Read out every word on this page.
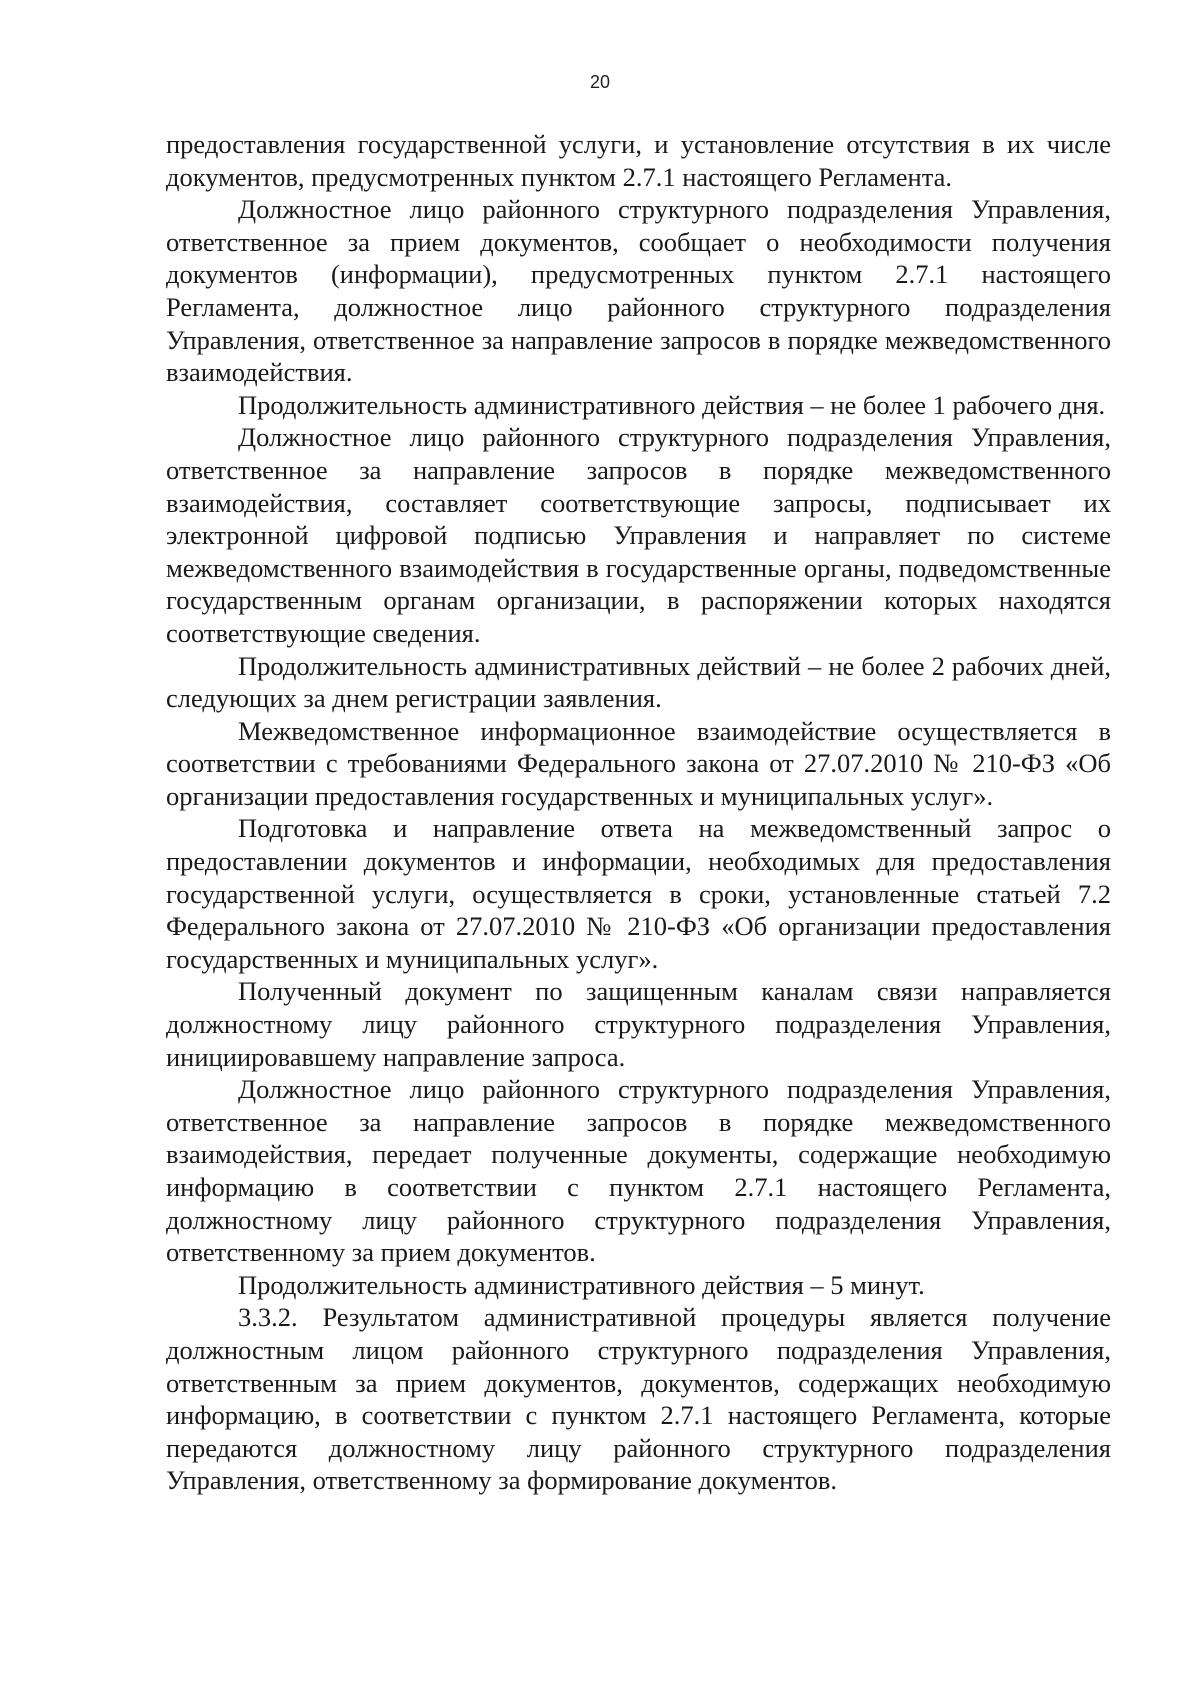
20

предоставления государственной услуги, и установление отсутствия в их числе документов, предусмотренных пунктом 2.7.1 настоящего Регламента.

Должностное лицо районного структурного подразделения Управления, ответственное за прием документов, сообщает о необходимости получения документов (информации), предусмотренных пунктом 2.7.1 настоящего Регламента, должностное лицо районного структурного подразделения Управления, ответственное за направление запросов в порядке межведомственного взаимодействия.

Продолжительность административного действия – не более 1 рабочего дня.

Должностное лицо районного структурного подразделения Управления, ответственное за направление запросов в порядке межведомственного взаимодействия, составляет соответствующие запросы, подписывает их электронной цифровой подписью Управления и направляет по системе межведомственного взаимодействия в государственные органы, подведомственные государственным органам организации, в распоряжении которых находятся соответствующие сведения.

Продолжительность административных действий – не более 2 рабочих дней, следующих за днем регистрации заявления.

Межведомственное информационное взаимодействие осуществляется в соответствии с требованиями Федерального закона от 27.07.2010 № 210-ФЗ «Об организации предоставления государственных и муниципальных услуг».

Подготовка и направление ответа на межведомственный запрос о предоставлении документов и информации, необходимых для предоставления государственной услуги, осуществляется в сроки, установленные статьей 7.2 Федерального закона от 27.07.2010 № 210-ФЗ «Об организации предоставления государственных и муниципальных услуг».

Полученный документ по защищенным каналам связи направляется должностному лицу районного структурного подразделения Управления, инициировавшему направление запроса.

Должностное лицо районного структурного подразделения Управления, ответственное за направление запросов в порядке межведомственного взаимодействия, передает полученные документы, содержащие необходимую информацию в соответствии с пунктом 2.7.1 настоящего Регламента, должностному лицу районного структурного подразделения Управления, ответственному за прием документов.

Продолжительность административного действия – 5 минут.

3.3.2. Результатом административной процедуры является получение должностным лицом районного структурного подразделения Управления, ответственным за прием документов, документов, содержащих необходимую информацию, в соответствии с пунктом 2.7.1 настоящего Регламента, которые передаются должностному лицу районного структурного подразделения Управления, ответственному за формирование документов.
